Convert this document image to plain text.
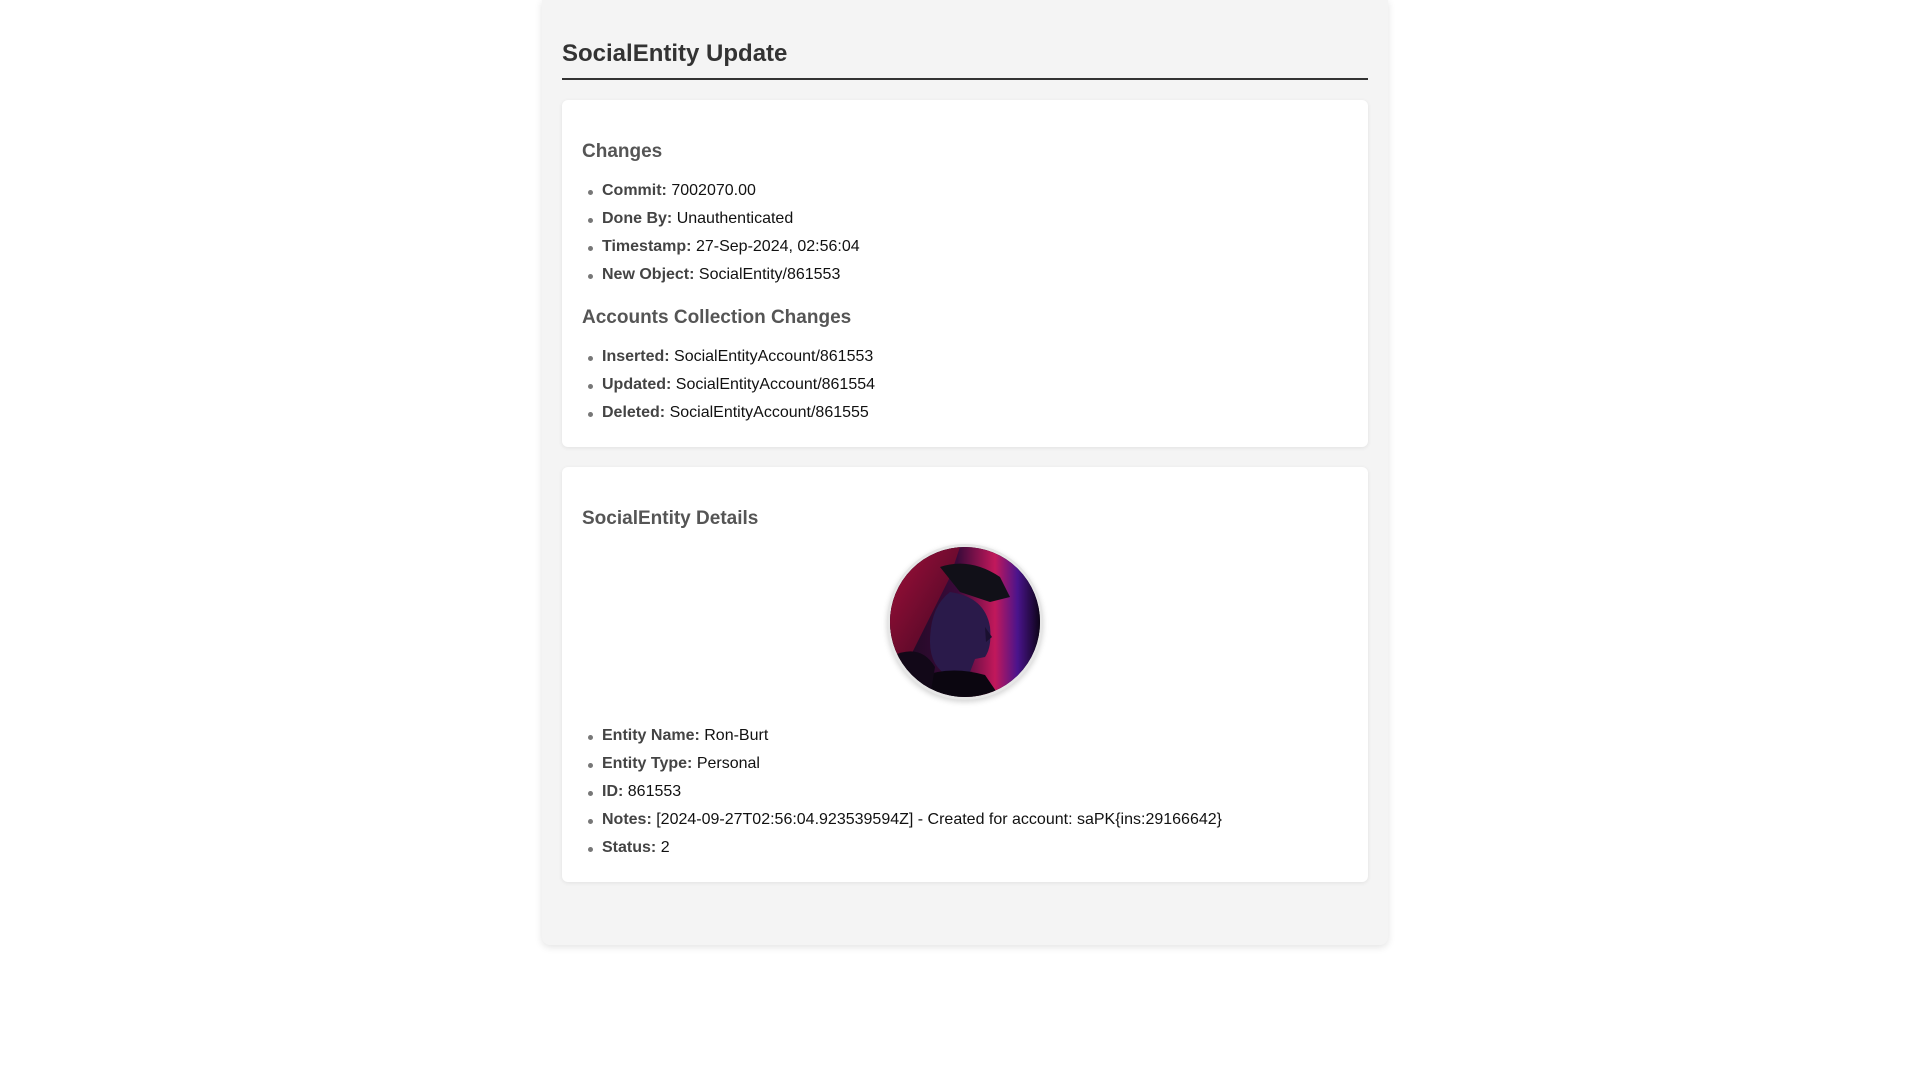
SocialEntity Update
Changes
Commit: 7002070.00
Done By: Unauthenticated
Timestamp: 27-Sep-2024, 02:56:04
New Object: SocialEntity/861553
Accounts Collection Changes
Inserted: SocialEntityAccount/861553
Updated: SocialEntityAccount/861554
Deleted: SocialEntityAccount/861555
SocialEntity Details
Entity Name: Ron-Burt
Entity Type: Personal
ID: 861553
Notes: [2024-09-27T02:56:04.923539594Z] - Created for account: saPK{ins:29166642}
Status: 2
